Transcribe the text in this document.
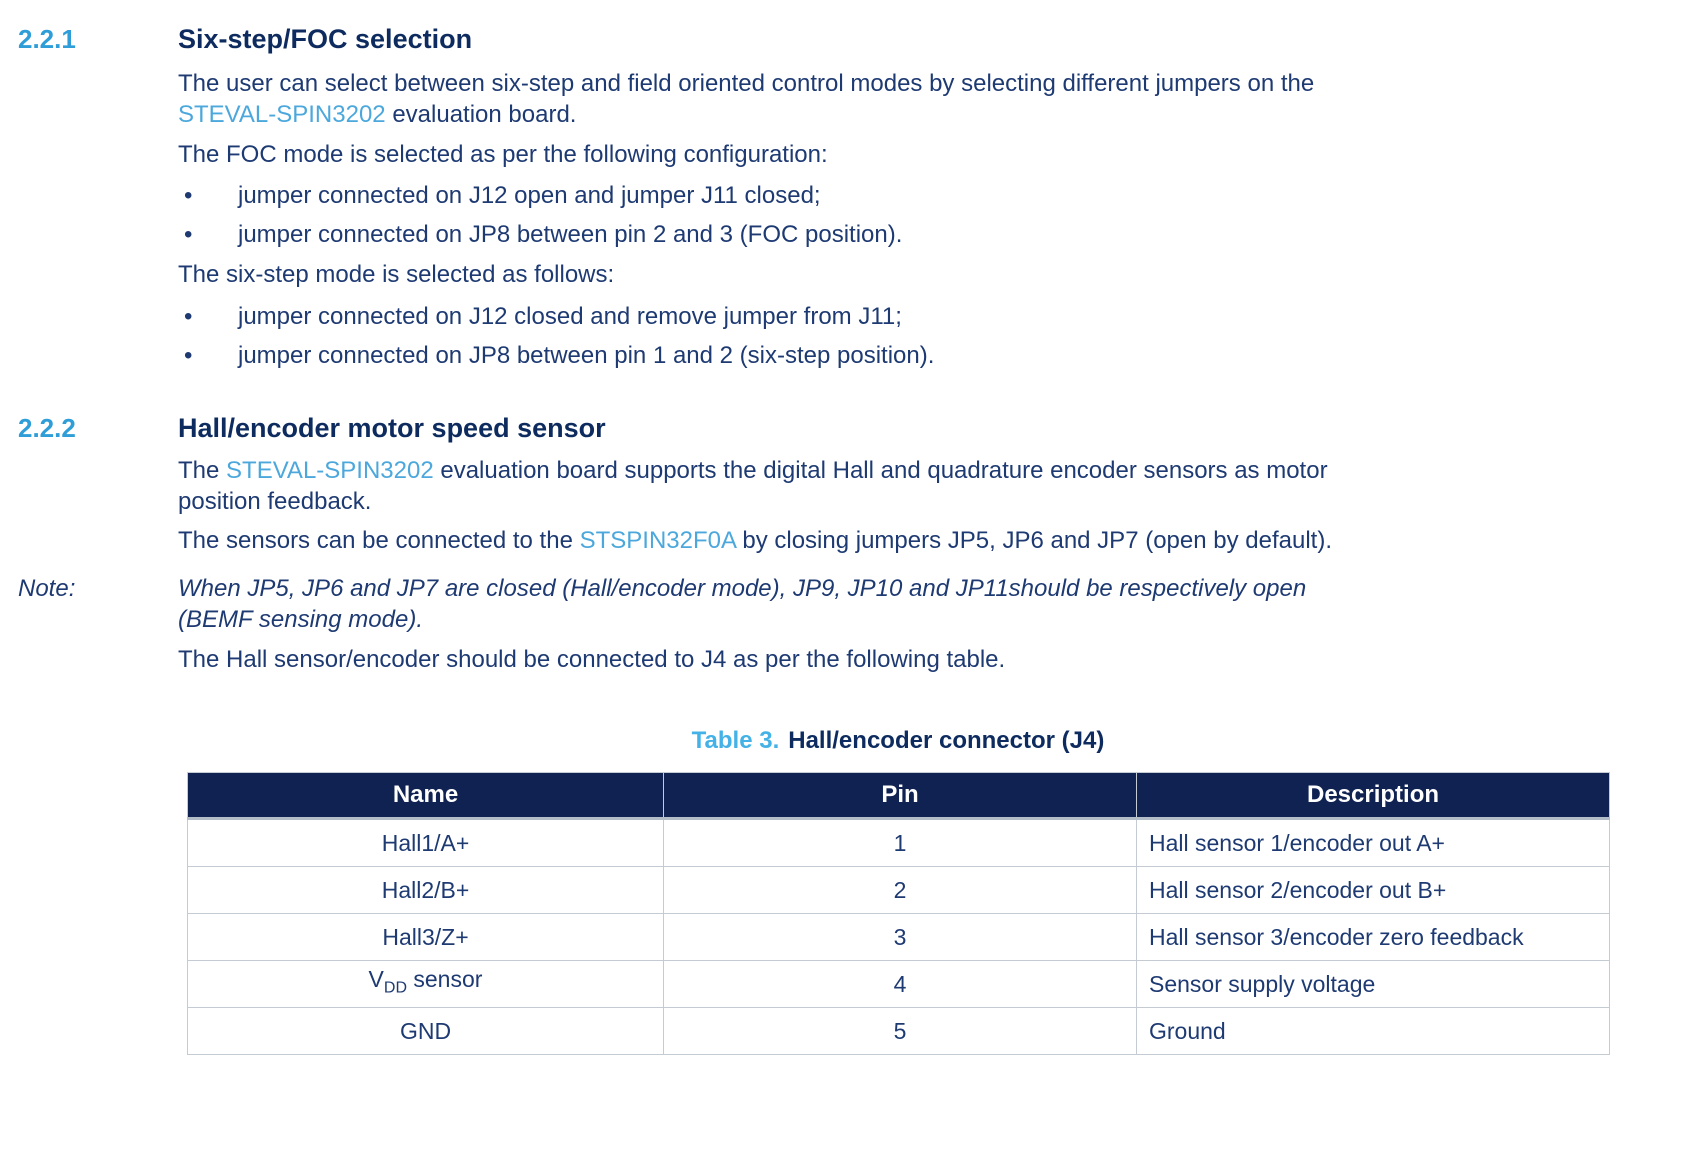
2.2.1	Six-step/FOC selection

The user can select between six-step and field oriented control modes by selecting different jumpers on the
STEVAL-SPIN3202 evaluation board.

The FOC mode is selected as per the following configuration:

•	jumper connected on J12 open and jumper J11 closed;
•	jumper connected on JP8 between pin 2 and 3 (FOC position).

The six-step mode is selected as follows:

•	jumper connected on J12 closed and remove jumper from J11;
•	jumper connected on JP8 between pin 1 and 2 (six-step position).
2.2.2	Hall/encoder motor speed sensor

The STEVAL-SPIN3202 evaluation board supports the digital Hall and quadrature encoder sensors as motor
position feedback.

The sensors can be connected to the STSPIN32F0A by closing jumpers JP5, JP6 and JP7 (open by default).

Note:	When JP5, JP6 and JP7 are closed (Hall/encoder mode), JP9, JP10 and JP11should be respectively open
(BEMF sensing mode).

The Hall sensor/encoder should be connected to J4 as per the following table.

Table 3. Hall/encoder connector (J4)
Name	Pin	Description
Hall1/A+	1	Hall sensor 1/encoder out A+
Hall2/B+	2	Hall sensor 2/encoder out B+
Hall3/Z+	3	Hall sensor 3/encoder zero feedback
$V_{DD}$ sensor	4	Sensor supply voltage
GND	5	Ground
